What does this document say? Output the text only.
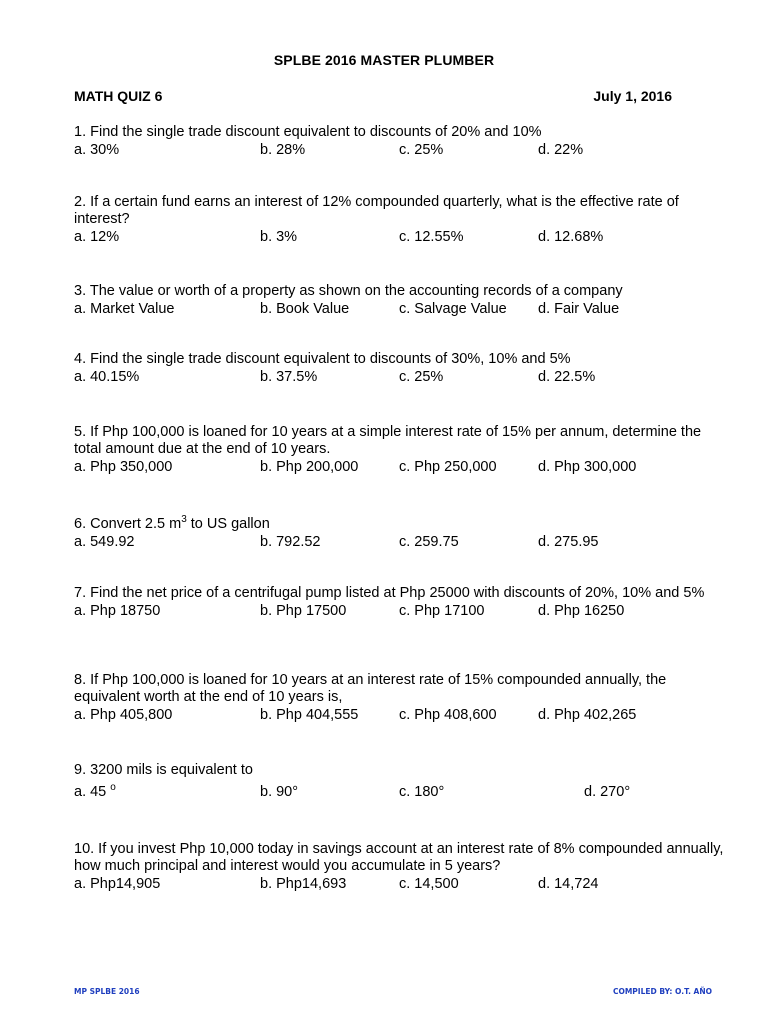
SPLBE 2016 MASTER PLUMBER
MATH QUIZ 6	July 1, 2016
1. Find the single trade discount equivalent to discounts of 20% and 10%
a. 30%	b. 28%	c. 25%	d. 22%
2. If a certain fund earns an interest of 12% compounded quarterly, what is the effective rate of interest?
a. 12%	b. 3%	c. 12.55%	d. 12.68%
3. The value or worth of a property as shown on the accounting records of a company
a. Market Value	b. Book Value	c. Salvage Value d. Fair Value
4. Find the single trade discount equivalent to discounts of 30%, 10% and 5%
a. 40.15%	b. 37.5%	c. 25%	d. 22.5%
5. If Php 100,000 is loaned for 10 years at a simple interest rate of 15% per annum, determine the total amount due at the end of 10 years.
a. Php 350,000	b. Php 200,000	c. Php 250,000	d. Php 300,000
6. Convert 2.5 $m^3$ to US gallon
a. 549.92	b. 792.52	c. 259.75	d. 275.95
7. Find the net price of a centrifugal pump listed at Php 25000 with discounts of 20%, 10% and 5%
a. Php 18750	b. Php 17500	c. Php 17100	d. Php 16250
8. If Php 100,000 is loaned for 10 years at an interest rate of 15% compounded annually, the equivalent worth at the end of 10 years is,
a. Php 405,800	b. Php 404,555	c. Php 408,600	d. Php 402,265
9. 3200 mils is equivalent to
a. 45 $^o$	b. 90°	c. 180°	d. 270°
10. If you invest Php 10,000 today in savings account at an interest rate of 8% compounded annually, how much principal and interest would you accumulate in 5 years?
a. Php14,905	b. Php14,693	c. 14,500	d. 14,724
MP SPLBE 2016	COMPILED BY: O.T. AÑO
